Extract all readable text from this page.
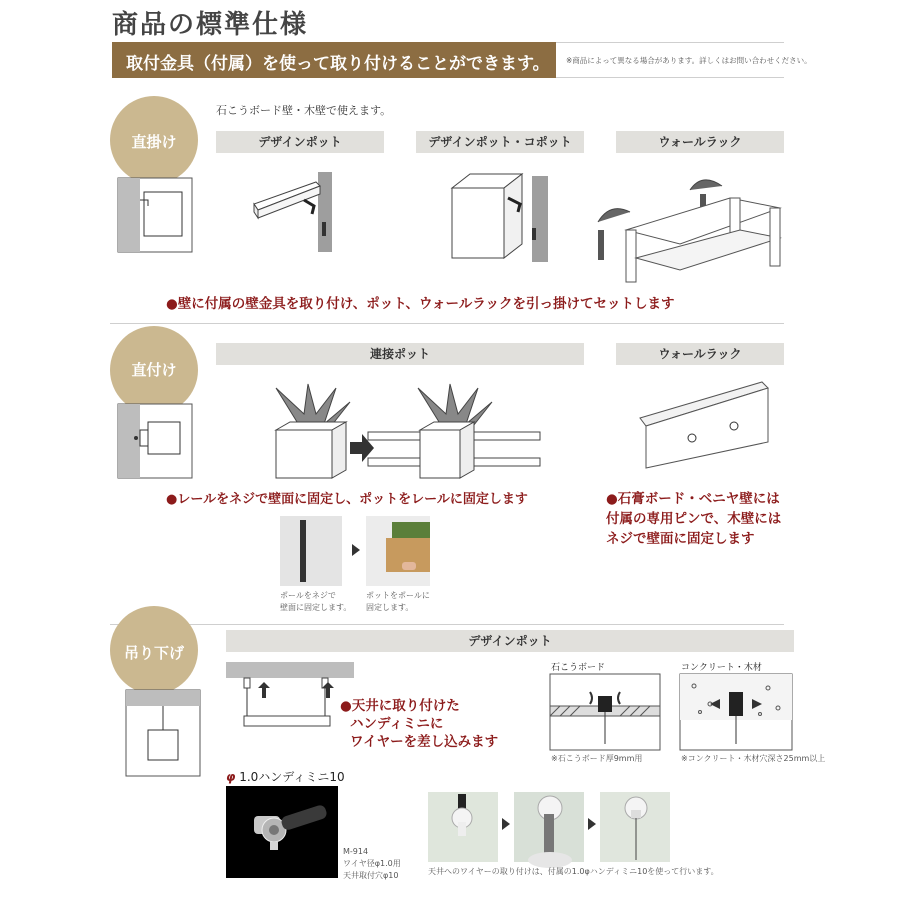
商品の標準仕様
取付金具（付属）を使って取り付けることができます。 ※商品によって異なる場合があります。詳しくはお問い合わせください。
直掛け
石こうボード壁・木壁で使えます。
デザインポット	デザインポット・コポット	ウォールラック
●壁に付属の壁金具を取り付け、ポット、ウォールラックを引っ掛けてセットします
直付け
連接ポット	ウォールラック
●レールをネジで壁面に固定し、ポットをレールに固定します	●石膏ボード・ベニヤ壁には
付属の専用ピンで、木壁には
ネジで壁面に固定します
ポールをネジで
壁面に固定します。
ポットをポールに
固定します。
吊り下げ
デザインポット
●天井に取り付けた
ハンディミニに
ワイヤーを差し込みます
石こうボード
※石こうボード厚9mm用
コンクリート・木材
※コンクリート・木材穴深さ25mm以上
φ 1.0ハンディミニ10
M-914
ワイヤ径φ1.0用
天井取付穴φ10	天井へのワイヤーの取り付けは、付属の1.0φハンディミニ10を使って行います。
